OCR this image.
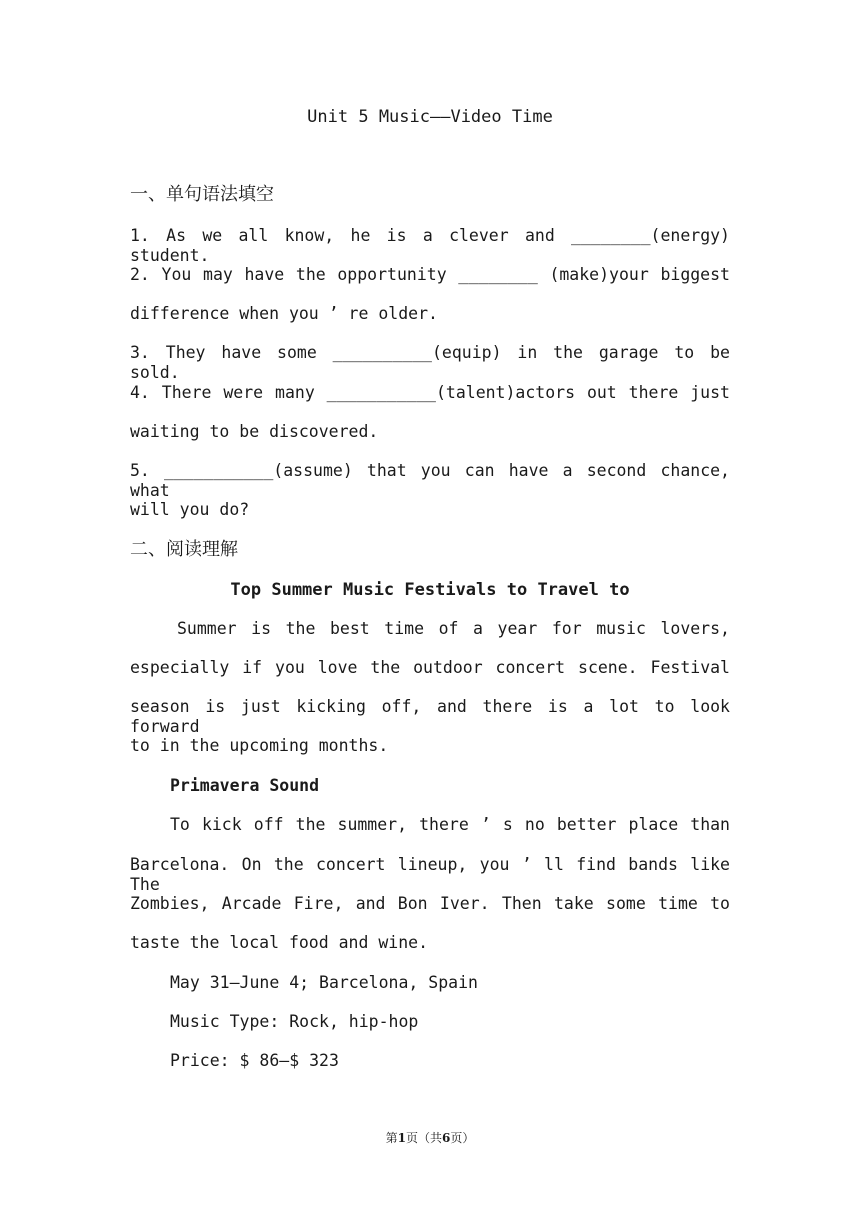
Unit 5 Music——Video Time
一、单句语法填空
1. As we all know, he is a clever and ________(energy) student.
2. You may have the opportunity ________ (make)your biggest
difference when you ’ re older.
3. They have some __________(equip) in the garage to be sold.
4. There were many ___________(talent)actors out there just
waiting to be discovered.
5. ___________(assume) that you can have a second chance, what
will you do?
二、阅读理解
Top Summer Music Festivals to Travel to
Summer is the best time of a year for music lovers,
especially if you love the outdoor concert scene. Festival
season is just kicking off, and there is a lot to look forward
to in the upcoming months.
Primavera Sound
To kick off the summer, there ’ s no better place than
Barcelona. On the concert lineup, you ’ ll find bands like The
Zombies, Arcade Fire, and Bon Iver. Then take some time to
taste the local food and wine.
May 31—June 4; Barcelona, Spain
Music Type: Rock, hip-hop
Price: $ 86—$ 323
第1页（共6页）
